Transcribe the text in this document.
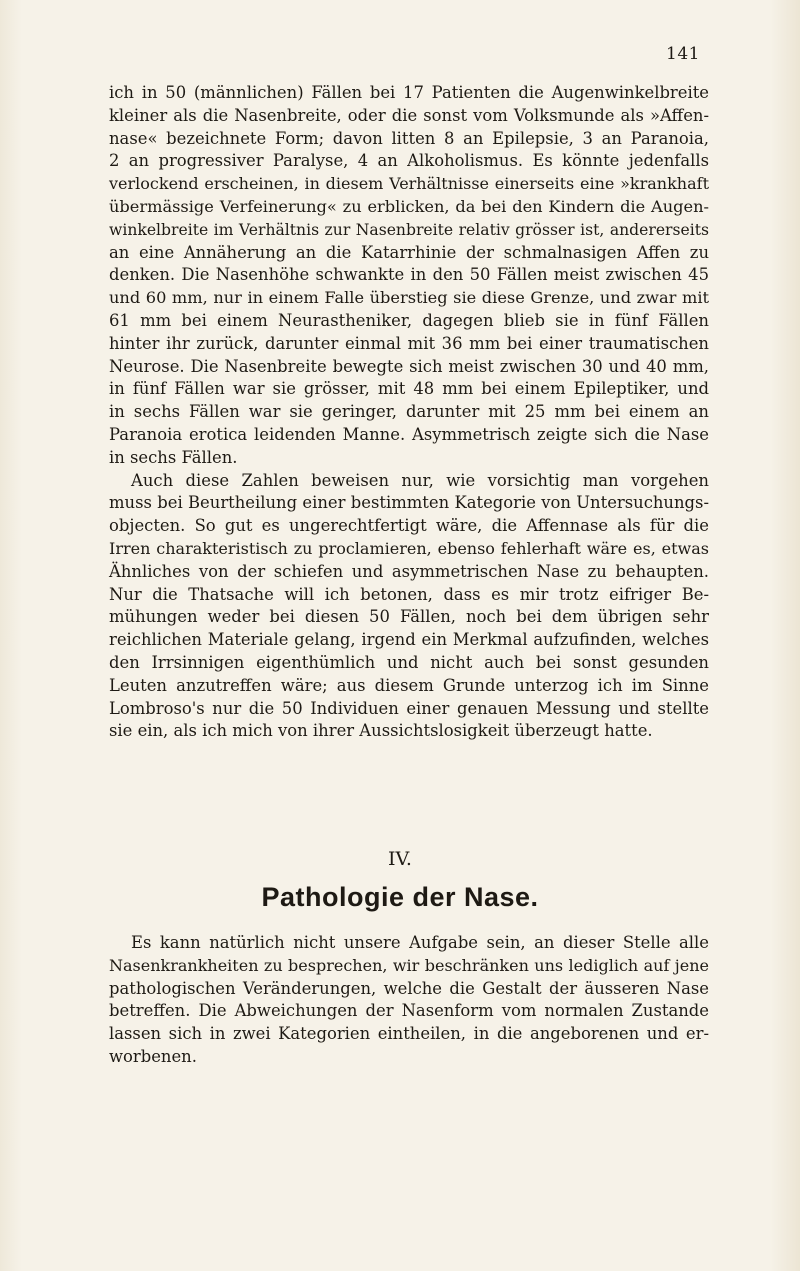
141
ich in 50 (männlichen) Fällen bei 17 Patienten die Augenwinkelbreite
kleiner als die Nasenbreite, oder die sonst vom Volksmunde als »Affen-
nase« bezeichnete Form; davon litten 8 an Epilepsie, 3 an Paranoia,
2 an progressiver Paralyse, 4 an Alkoholismus. Es könnte jedenfalls
verlockend erscheinen, in diesem Verhältnisse einerseits eine »krankhaft
übermässige Verfeinerung« zu erblicken, da bei den Kindern die Augen-
winkelbreite im Verhältnis zur Nasenbreite relativ grösser ist, andererseits
an eine Annäherung an die Katarrhinie der schmalnasigen Affen zu
denken. Die Nasenhöhe schwankte in den 50 Fällen meist zwischen 45
und 60 mm, nur in einem Falle überstieg sie diese Grenze, und zwar mit
61 mm bei einem Neurastheniker, dagegen blieb sie in fünf Fällen
hinter ihr zurück, darunter einmal mit 36 mm bei einer traumatischen
Neurose. Die Nasenbreite bewegte sich meist zwischen 30 und 40 mm,
in fünf Fällen war sie grösser, mit 48 mm bei einem Epileptiker, und
in sechs Fällen war sie geringer, darunter mit 25 mm bei einem an
Paranoia erotica leidenden Manne. Asymmetrisch zeigte sich die Nase
in sechs Fällen.
Auch diese Zahlen beweisen nur, wie vorsichtig man vorgehen
muss bei Beurtheilung einer bestimmten Kategorie von Untersuchungs-
objecten. So gut es ungerechtfertigt wäre, die Affennase als für die
Irren charakteristisch zu proclamieren, ebenso fehlerhaft wäre es, etwas
Ähnliches von der schiefen und asymmetrischen Nase zu behaupten.
Nur die Thatsache will ich betonen, dass es mir trotz eifriger Be-
mühungen weder bei diesen 50 Fällen, noch bei dem übrigen sehr
reichlichen Materiale gelang, irgend ein Merkmal aufzufinden, welches
den Irrsinnigen eigenthümlich und nicht auch bei sonst gesunden
Leuten anzutreffen wäre; aus diesem Grunde unterzog ich im Sinne
Lombroso's nur die 50 Individuen einer genauen Messung und stellte
sie ein, als ich mich von ihrer Aussichtslosigkeit überzeugt hatte.
IV.
Pathologie der Nase.
Es kann natürlich nicht unsere Aufgabe sein, an dieser Stelle alle
Nasenkrankheiten zu besprechen, wir beschränken uns lediglich auf jene
pathologischen Veränderungen, welche die Gestalt der äusseren Nase
betreffen. Die Abweichungen der Nasenform vom normalen Zustande
lassen sich in zwei Kategorien eintheilen, in die angeborenen und er-
worbenen.
